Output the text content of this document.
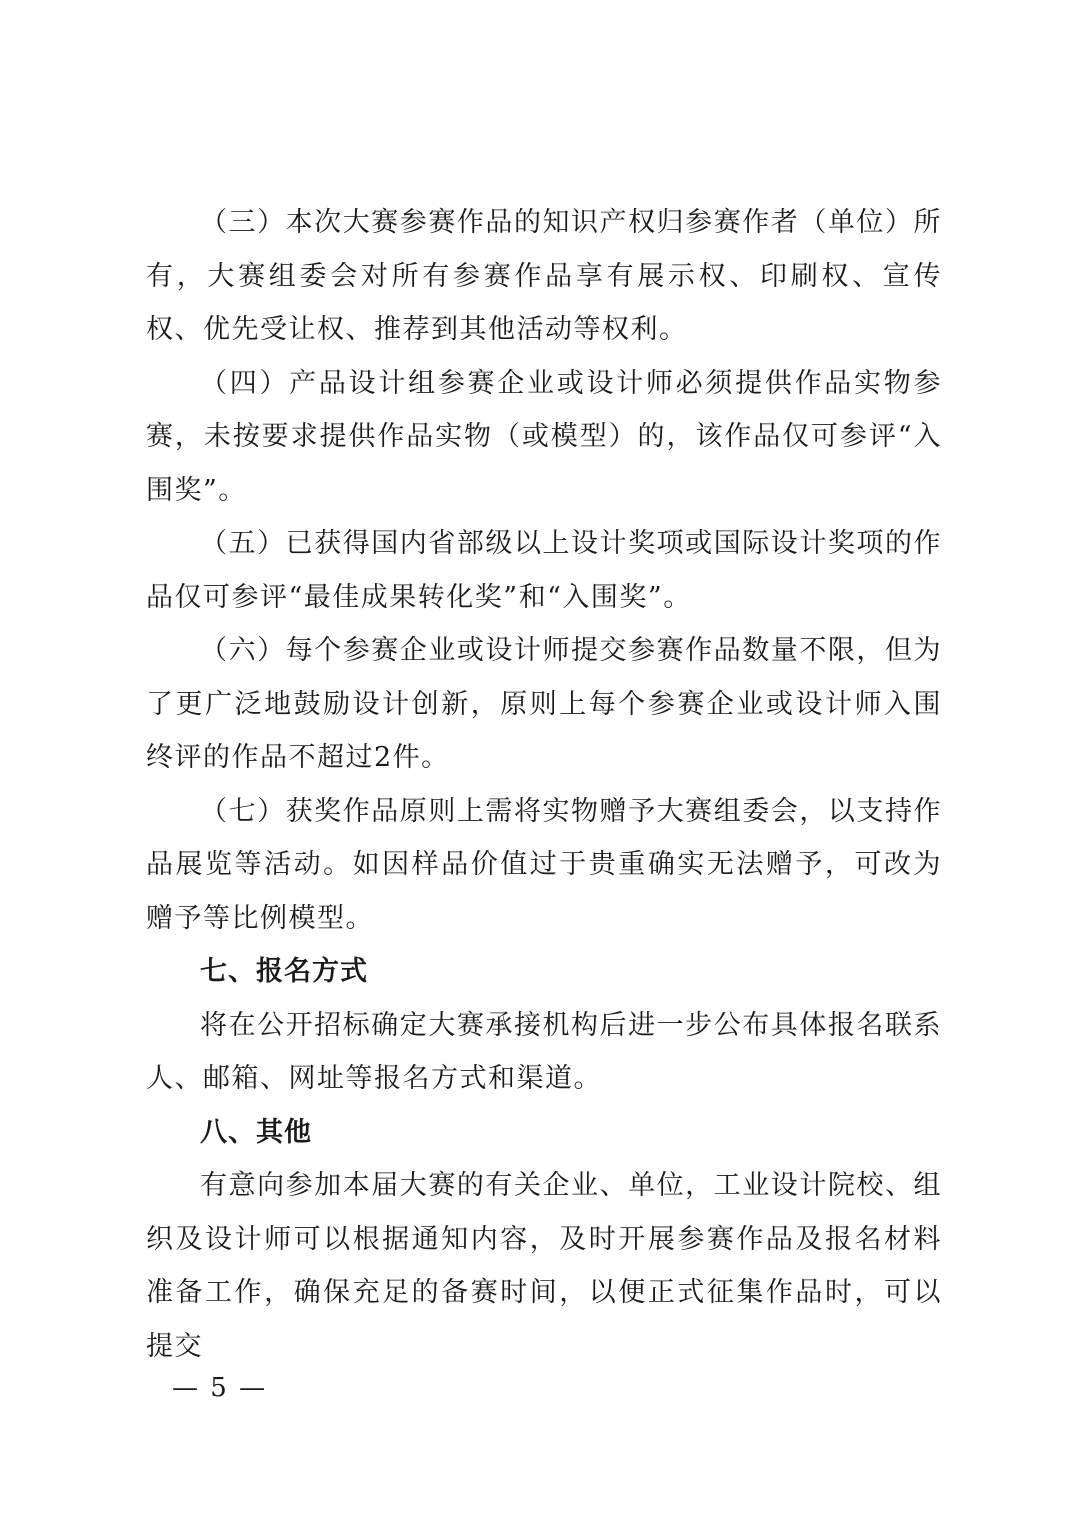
（三）本次大赛参赛作品的知识产权归参赛作者（单位）所有，大赛组委会对所有参赛作品享有展示权、印刷权、宣传权、优先受让权、推荐到其他活动等权利。

（四）产品设计组参赛企业或设计师必须提供作品实物参赛，未按要求提供作品实物（或模型）的，该作品仅可参评“入围奖”。

（五）已获得国内省部级以上设计奖项或国际设计奖项的作品仅可参评“最佳成果转化奖”和“入围奖”。

（六）每个参赛企业或设计师提交参赛作品数量不限，但为了更广泛地鼓励设计创新，原则上每个参赛企业或设计师入围终评的作品不超过2件。

（七）获奖作品原则上需将实物赠予大赛组委会，以支持作品展览等活动。如因样品价值过于贵重确实无法赠予，可改为赠予等比例模型。

七、报名方式

将在公开招标确定大赛承接机构后进一步公布具体报名联系人、邮箱、网址等报名方式和渠道。

八、其他

有意向参加本届大赛的有关企业、单位，工业设计院校、组织及设计师可以根据通知内容，及时开展参赛作品及报名材料准备工作，确保充足的备赛时间，以便正式征集作品时，可以提交

— 5 —
